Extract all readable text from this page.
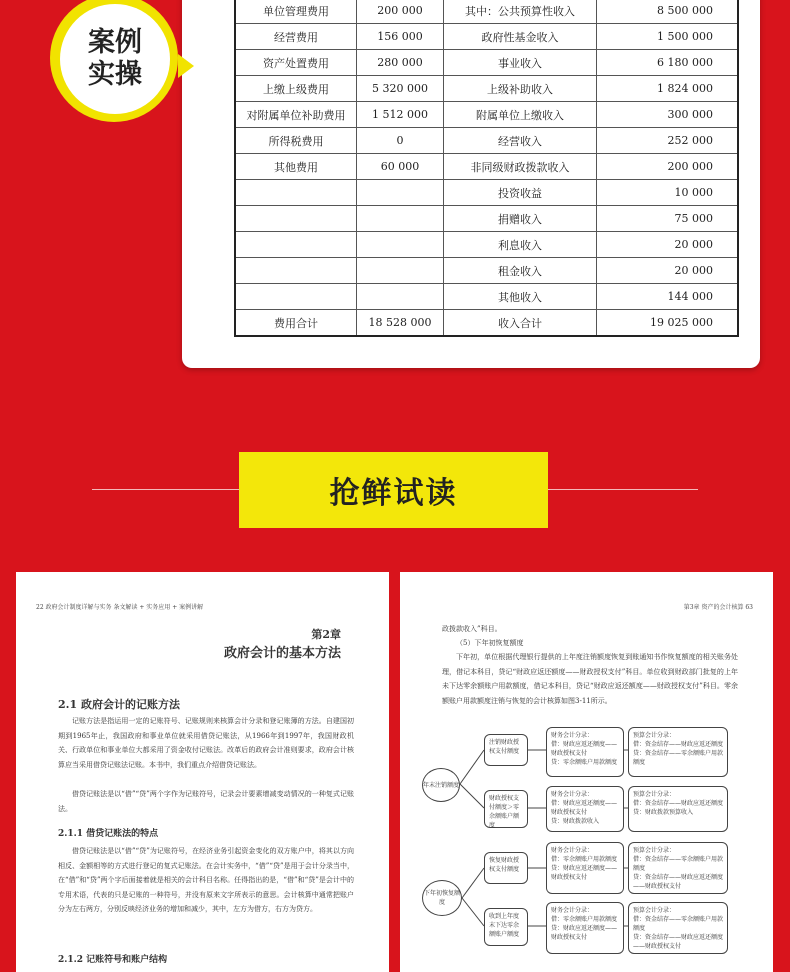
单位管理费用	200 000	其中：公共预算性收入	8 500 000
经营费用	156 000	政府性基金收入	1 500 000
资产处置费用	280 000	事业收入	6 180 000
上缴上级费用	5 320 000	上级补助收入	1 824 000
对附属单位补助费用	1 512 000	附属单位上缴收入	300 000
所得税费用	0	经营收入	252 000
其他费用	60 000	非同级财政拨款收入	200 000
		投资收益	10 000
		捐赠收入	75 000
		利息收入	20 000
		租金收入	20 000
		其他收入	144 000
费用合计	18 528 000	收入合计	19 025 000
案例
实操
抢鲜试读
22 政府会计制度详解与实务 条文解读 + 实务应用 + 案例讲解
第2章
政府会计的基本方法
2.1 政府会计的记账方法
记账方法是指运用一定的记账符号、记账规则来核算会计分录和登记账簿的方法。自建国初期到1965年止，我国政府和事业单位就采用借贷记账法，从1966年到1997年，我国财政机关、行政单位和事业单位大都采用了资金收付记账法。改革后的政府会计准则要求，政府会计核算应当采用借贷记账法记账。本书中，我们重点介绍借贷记账法。
借贷记账法是以“借”“贷”两个字作为记账符号，记录会计要素增减变动情况的一种复式记账法。
2.1.1 借贷记账法的特点
借贷记账法是以“借”“贷”为记账符号，在经济业务引起资金变化的双方账户中，将其以方向相反、金额相等的方式进行登记的复式记账法。在会计实务中，“借”“贷”是用于会计分录当中，在“借”和“贷”两个字后面接着就是相关的会计科目名称。任得指出的是，“借”和“贷”是会计中的专用术语，代表的只是记账的一种符号，并没有原来文字所表示的意思。会计核算中通常把账户分为左右两方，分别反映经济业务的增加和减少，其中，左方为借方，右方为贷方。
2.1.2 记账符号和账户结构
第3章 资产的会计核算 63
政拨款收入”科目。
（5）下年初恢复额度
下年初，单位根据代理银行提供的上年度注销额度恢复到账通知书作恢复额度的相关账务处理，借记本科目，贷记“财政应返还额度——财政授权支付”科目。单位收到财政部门批复的上年未下达零余额账户用款额度，借记本科目，贷记“财政应返还额度——财政授权支付”科目。零余额账户用款额度注销与恢复的会计核算如图3-11所示。
年末注销额度
下年初恢复额度
注销财政授权支付额度
财政授权支付额度＞零余额账户额度
恢复财政授权支付额度
收到上年度末下达零余额账户额度
财务会计分录：
借：财政应返还额度——财政授权支付
贷：零余额账户用款额度
预算会计分录：
借：资金结存——财政应返还额度
贷：资金结存——零余额账户用款额度
财务会计分录：
借：财政应返还额度——财政授权支付
贷：财政拨款收入
预算会计分录：
借：资金结存——财政应返还额度
贷：财政拨款预算收入
财务会计分录：
借：零余额账户用款额度
贷：财政应返还额度——财政授权支付
预算会计分录：
借：资金结存——零余额账户用款额度
贷：资金结存——财政应返还额度——财政授权支付
财务会计分录：
借：零余额账户用款额度
贷：财政应返还额度——财政授权支付
预算会计分录：
借：资金结存——零余额账户用款额度
贷：资金结存——财政应返还额度——财政授权支付
